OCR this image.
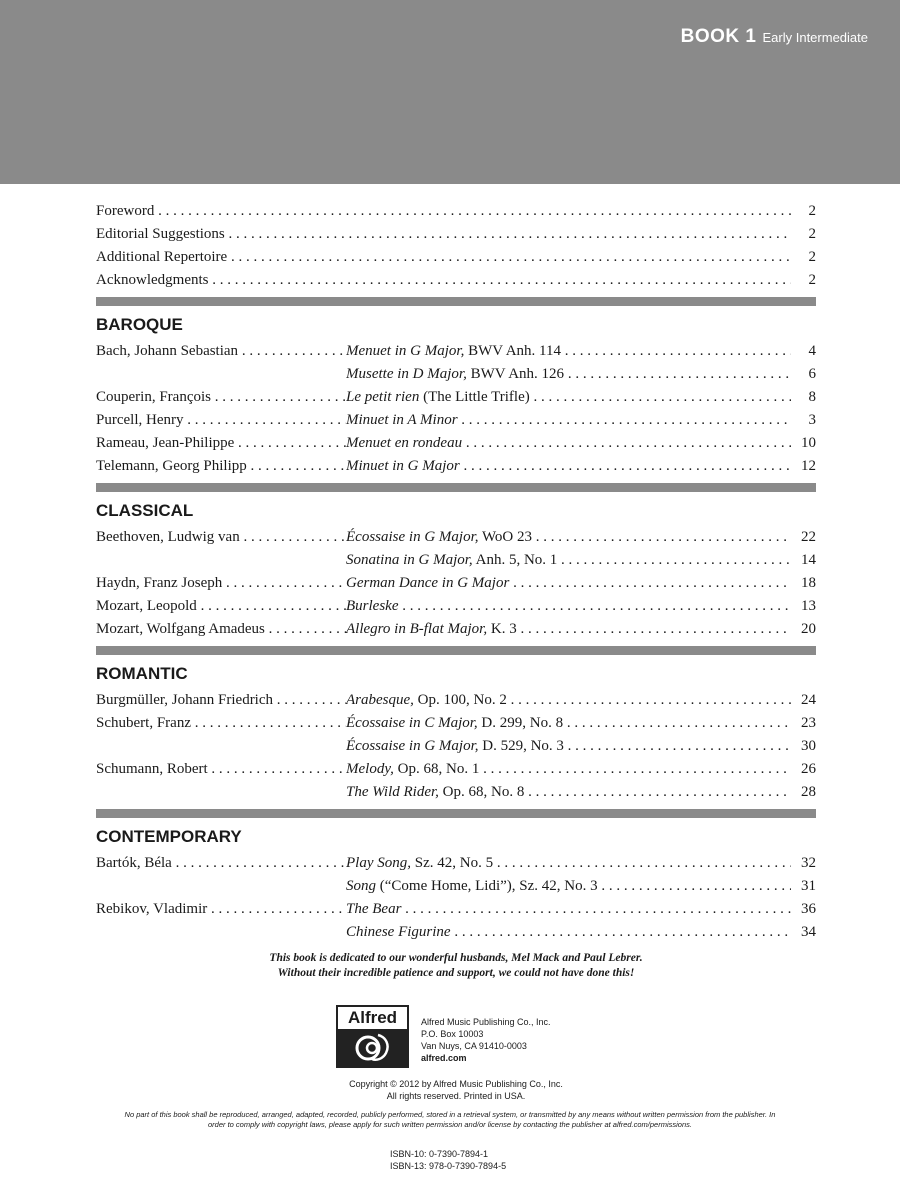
BOOK 1 Early Intermediate
Foreword . . .	2
Editorial Suggestions . . .	2
Additional Repertoire . . .	2
Acknowledgments . . .	2
BAROQUE
Bach, Johann Sebastian . . .	Menuet in G Major, BWV Anh. 114 . . .	4
Musette in D Major, BWV Anh. 126 . . .	6
Couperin, François . . .	Le petit rien (The Little Trifle) . . .	8
Purcell, Henry . . .	Minuet in A Minor . . .	3
Rameau, Jean-Philippe . . .	Menuet en rondeau . . .	10
Telemann, Georg Philipp . . .	Minuet in G Major . . .	12
CLASSICAL
Beethoven, Ludwig van . . .	Écossaise in G Major, WoO 23 . . .	22
Sonatina in G Major, Anh. 5, No. 1 . . .	14
Haydn, Franz Joseph . . .	German Dance in G Major . . .	18
Mozart, Leopold . . .	Burleske . . .	13
Mozart, Wolfgang Amadeus . . .	Allegro in B-flat Major, K. 3 . . .	20
ROMANTIC
Burgmüller, Johann Friedrich . . .	Arabesque, Op. 100, No. 2 . . .	24
Schubert, Franz . . .	Écossaise in C Major, D. 299, No. 8 . . .	23
Écossaise in G Major, D. 529, No. 3 . . .	30
Schumann, Robert . . .	Melody, Op. 68, No. 1 . . .	26
The Wild Rider, Op. 68, No. 8 . . .	28
CONTEMPORARY
Bartók, Béla . . .	Play Song, Sz. 42, No. 5 . . .	32
Song (“Come Home, Lidi”), Sz. 42, No. 3 . . .	31
Rebikov, Vladimir . . .	The Bear . . .	36
Chinese Figurine . . .	34
This book is dedicated to our wonderful husbands, Mel Mack and Paul Lebrer.
Without their incredible patience and support, we could not have done this!
Alfred	Alfred Music Publishing Co., Inc.
P.O. Box 10003
Van Nuys, CA 91410-0003
alfred.com
Copyright © 2012 by Alfred Music Publishing Co., Inc.
All rights reserved. Printed in USA.
No part of this book shall be reproduced, arranged, adapted, recorded, publicly performed, stored in a retrieval system, or transmitted by any means without written permission from the publisher. In order to comply with copyright laws, please apply for such written permission and/or license by contacting the publisher at alfred.com/permissions.
ISBN-10: 0-7390-7894-1
ISBN-13: 978-0-7390-7894-5
